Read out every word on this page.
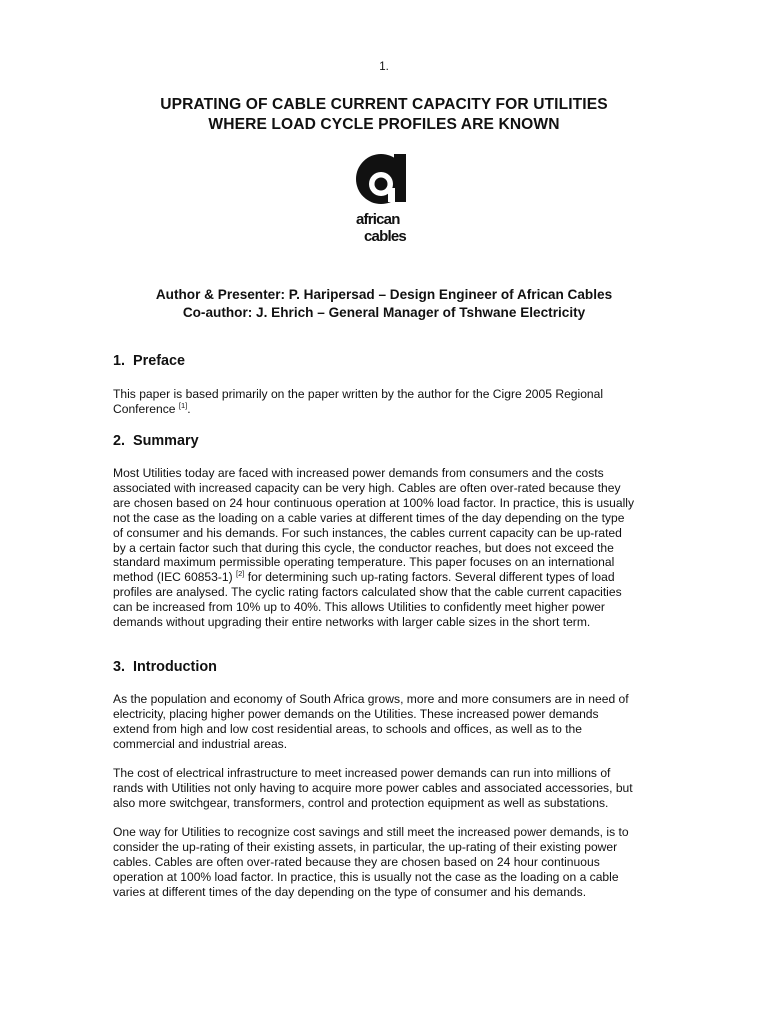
1.
UPRATING OF CABLE CURRENT CAPACITY FOR UTILITIES
WHERE LOAD CYCLE PROFILES ARE KNOWN
african
cables
Author & Presenter: P. Haripersad – Design Engineer of African Cables
Co-author: J. Ehrich – General Manager of Tshwane Electricity
1. Preface
This paper is based primarily on the paper written by the author for the Cigre 2005 Regional
Conference [1].
2. Summary
Most Utilities today are faced with increased power demands from consumers and the costs
associated with increased capacity can be very high. Cables are often over-rated because they
are chosen based on 24 hour continuous operation at 100% load factor. In practice, this is usually
not the case as the loading on a cable varies at different times of the day depending on the type
of consumer and his demands. For such instances, the cables current capacity can be up-rated
by a certain factor such that during this cycle, the conductor reaches, but does not exceed the
standard maximum permissible operating temperature. This paper focuses on an international
method (IEC 60853-1) [2] for determining such up-rating factors. Several different types of load
profiles are analysed. The cyclic rating factors calculated show that the cable current capacities
can be increased from 10% up to 40%. This allows Utilities to confidently meet higher power
demands without upgrading their entire networks with larger cable sizes in the short term.
3. Introduction
As the population and economy of South Africa grows, more and more consumers are in need of
electricity, placing higher power demands on the Utilities. These increased power demands
extend from high and low cost residential areas, to schools and offices, as well as to the
commercial and industrial areas.
The cost of electrical infrastructure to meet increased power demands can run into millions of
rands with Utilities not only having to acquire more power cables and associated accessories, but
also more switchgear, transformers, control and protection equipment as well as substations.
One way for Utilities to recognize cost savings and still meet the increased power demands, is to
consider the up-rating of their existing assets, in particular, the up-rating of their existing power
cables. Cables are often over-rated because they are chosen based on 24 hour continuous
operation at 100% load factor. In practice, this is usually not the case as the loading on a cable
varies at different times of the day depending on the type of consumer and his demands.
